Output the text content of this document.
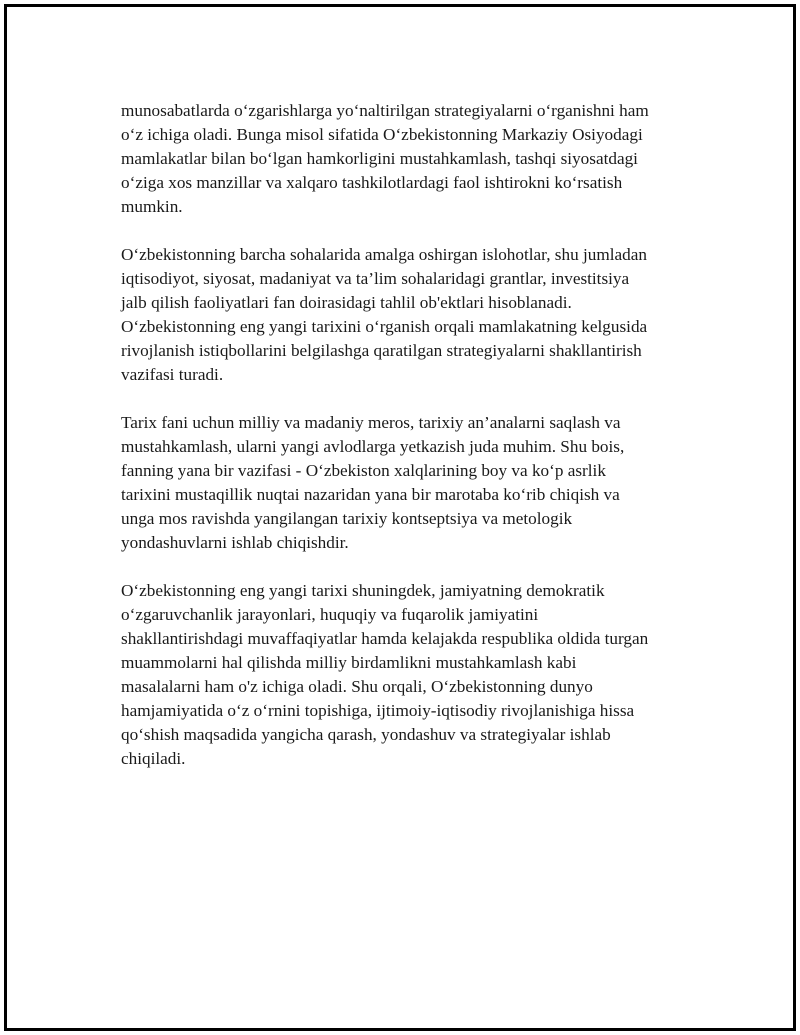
munosabatlarda oʻzgarishlarga yoʻnaltirilgan strategiyalarni oʻrganishni ham
oʻz ichiga oladi. Bunga misol sifatida Oʻzbekistonning Markaziy Osiyodagi
mamlakatlar bilan boʻlgan hamkorligini mustahkamlash, tashqi siyosatdagi
oʻziga xos manzillar va xalqaro tashkilotlardagi faol ishtirokni koʻrsatish
mumkin.
Oʻzbekistonning barcha sohalarida amalga oshirgan islohotlar, shu jumladan
iqtisodiyot, siyosat, madaniyat va ta’lim sohalaridagi grantlar, investitsiya
jalb qilish faoliyatlari fan doirasidagi tahlil ob'ektlari hisoblanadi.
Oʻzbekistonning eng yangi tarixini oʻrganish orqali mamlakatning kelgusida
rivojlanish istiqbollarini belgilashga qaratilgan strategiyalarni shakllantirish
vazifasi turadi.
Tarix fani uchun milliy va madaniy meros, tarixiy an’analarni saqlash va
mustahkamlash, ularni yangi avlodlarga yetkazish juda muhim. Shu bois,
fanning yana bir vazifasi - Oʻzbekiston xalqlarining boy va koʻp asrlik
tarixini mustaqillik nuqtai nazaridan yana bir marotaba koʻrib chiqish va
unga mos ravishda yangilangan tarixiy kontseptsiya va metologik
yondashuvlarni ishlab chiqishdir.
Oʻzbekistonning eng yangi tarixi shuningdek, jamiyatning demokratik
oʻzgaruvchanlik jarayonlari, huquqiy va fuqarolik jamiyatini
shakllantirishdagi muvaffaqiyatlar hamda kelajakda respublika oldida turgan
muammolarni hal qilishda milliy birdamlikni mustahkamlash kabi
masalalarni ham o'z ichiga oladi. Shu orqali, Oʻzbekistonning dunyo
hamjamiyatida oʻz oʻrnini topishiga, ijtimoiy-iqtisodiy rivojlanishiga hissa
qoʻshish maqsadida yangicha qarash, yondashuv va strategiyalar ishlab
chiqiladi.
